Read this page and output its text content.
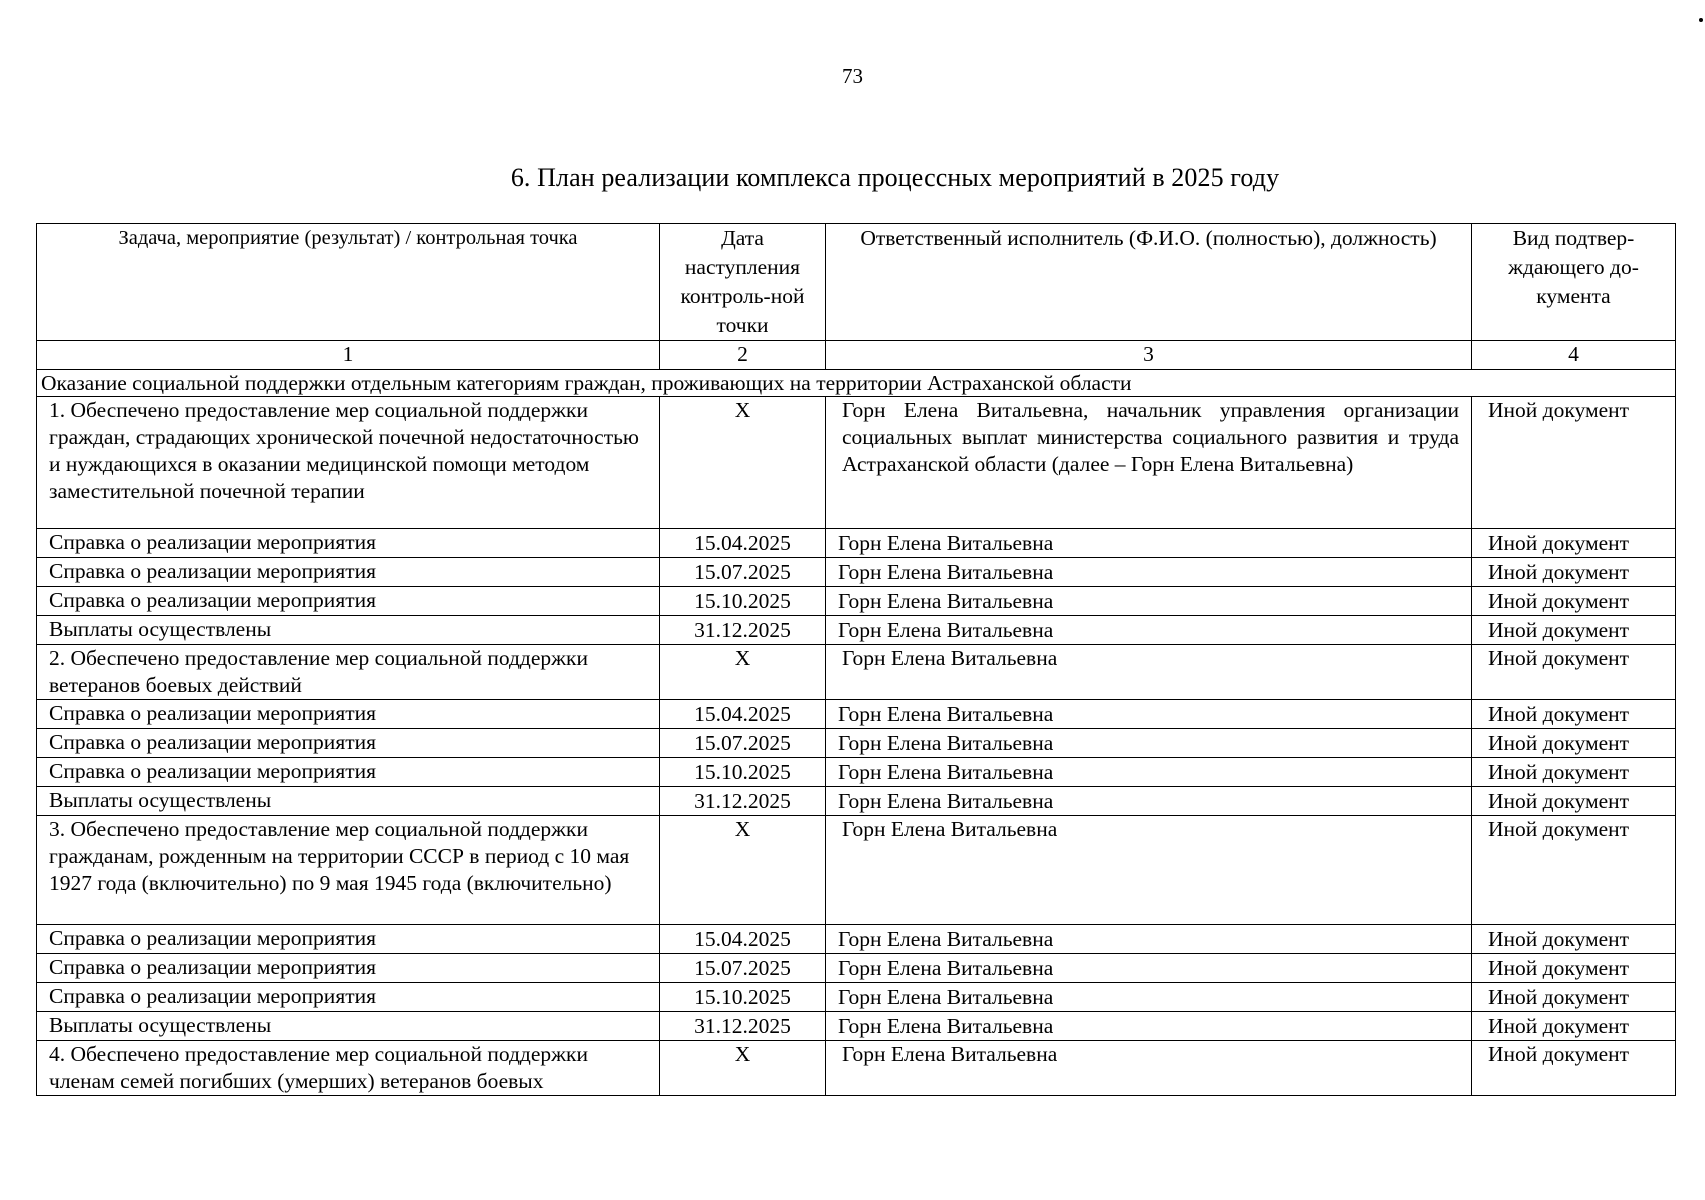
73
6. План реализации комплекса процессных мероприятий в 2025 году
Задача, мероприятие (результат) / контрольная точка	Дата наступления контроль-ной точки	Ответственный исполнитель (Ф.И.О. (полностью), должность)	Вид подтвер-ждающего до-кумента
1	2	3	4
Оказание социальной поддержки отдельным категориям граждан, проживающих на территории Астраханской области			
1. Обеспечено предоставление мер социальной поддержки граждан, страдающих хронической почечной недостаточностью и нуждающихся в оказании медицинской помощи методом заместительной почечной терапии	X	Горн Елена Витальевна, начальник управления организации социальных выплат министерства социального развития и труда Астраханской области (далее – Горн Елена Витальевна)	Иной документ
Справка о реализации мероприятия	15.04.2025	Горн Елена Витальевна	Иной документ
Справка о реализации мероприятия	15.07.2025	Горн Елена Витальевна	Иной документ
Справка о реализации мероприятия	15.10.2025	Горн Елена Витальевна	Иной документ
Выплаты осуществлены	31.12.2025	Горн Елена Витальевна	Иной документ
2. Обеспечено предоставление мер социальной поддержки ветеранов боевых действий	X	Горн Елена Витальевна	Иной документ
Справка о реализации мероприятия	15.04.2025	Горн Елена Витальевна	Иной документ
Справка о реализации мероприятия	15.07.2025	Горн Елена Витальевна	Иной документ
Справка о реализации мероприятия	15.10.2025	Горн Елена Витальевна	Иной документ
Выплаты осуществлены	31.12.2025	Горн Елена Витальевна	Иной документ
3. Обеспечено предоставление мер социальной поддержки гражданам, рожденным на территории СССР в период с 10 мая 1927 года (включительно) по 9 мая 1945 года (включительно)	X	Горн Елена Витальевна	Иной документ
Справка о реализации мероприятия	15.04.2025	Горн Елена Витальевна	Иной документ
Справка о реализации мероприятия	15.07.2025	Горн Елена Витальевна	Иной документ
Справка о реализации мероприятия	15.10.2025	Горн Елена Витальевна	Иной документ
Выплаты осуществлены	31.12.2025	Горн Елена Витальевна	Иной документ
4. Обеспечено предоставление мер социальной поддержки членам семей погибших (умерших) ветеранов боевых	X	Горн Елена Витальевна	Иной документ
